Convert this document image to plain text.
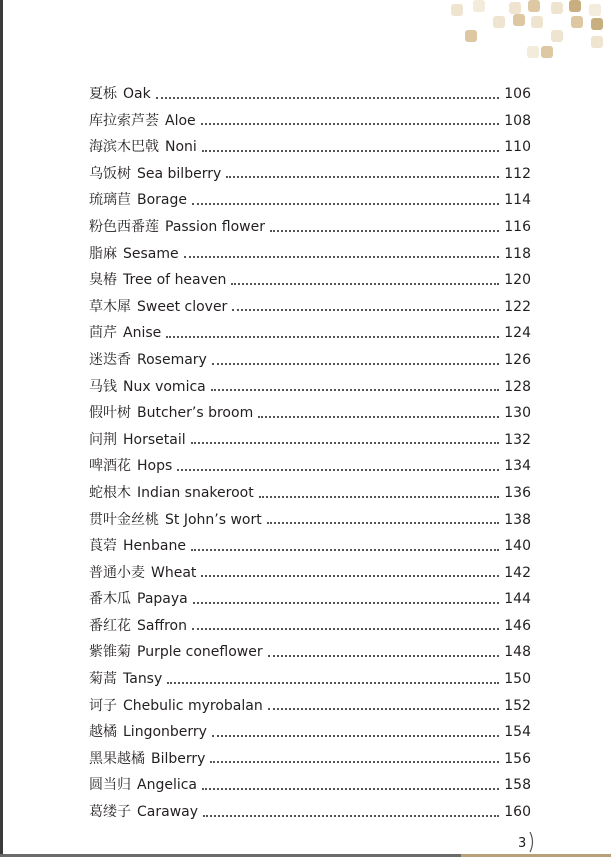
夏栎 Oak	106
库拉索芦荟 Aloe	108
海滨木巴戟 Noni	110
乌饭树 Sea bilberry	112
琉璃苣 Borage	114
粉色西番莲 Passion flower	116
脂麻 Sesame	118
臭椿 Tree of heaven	120
草木犀 Sweet clover	122
茴芹 Anise	124
迷迭香 Rosemary	126
马钱 Nux vomica	128
假叶树 Butcher’s broom	130
问荆 Horsetail	132
啤酒花 Hops	134
蛇根木 Indian snakeroot	136
贯叶金丝桃 St John’s wort	138
莨菪 Henbane	140
普通小麦 Wheat	142
番木瓜 Papaya	144
番红花 Saffron	146
紫锥菊 Purple coneflower	148
菊蒿 Tansy	150
诃子 Chebulic myrobalan	152
越橘 Lingonberry	154
黑果越橘 Bilberry	156
圆当归 Angelica	158
葛缕子 Caraway	160
3
